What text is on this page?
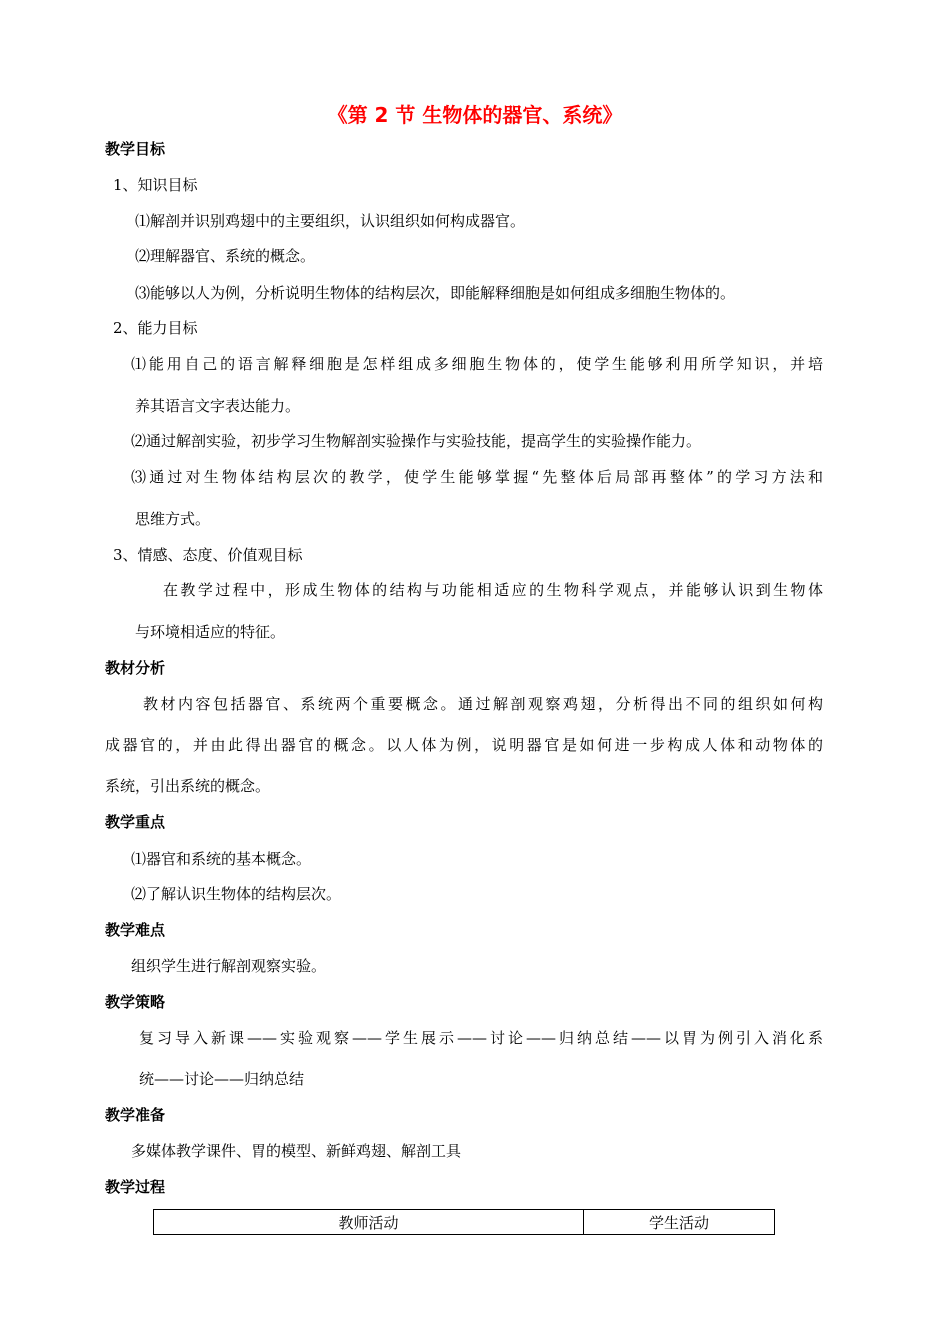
《第 2 节 生物体的器官、系统》
教学目标
1、知识目标
⑴解剖并识别鸡翅中的主要组织，认识组织如何构成器官。
⑵理解器官、系统的概念。
⑶能够以人为例，分析说明生物体的结构层次，即能解释细胞是如何组成多细胞生物体的。
2、能力目标
⑴能用自己的语言解释细胞是怎样组成多细胞生物体的，使学生能够利用所学知识，并培
养其语言文字表达能力。
⑵通过解剖实验，初步学习生物解剖实验操作与实验技能，提高学生的实验操作能力。
⑶通过对生物体结构层次的教学，使学生能够掌握“先整体后局部再整体”的学习方法和
思维方式。
3、情感、态度、价值观目标
在教学过程中，形成生物体的结构与功能相适应的生物科学观点，并能够认识到生物体
与环境相适应的特征。
教材分析
教材内容包括器官、系统两个重要概念。通过解剖观察鸡翅，分析得出不同的组织如何构
成器官的，并由此得出器官的概念。以人体为例，说明器官是如何进一步构成人体和动物体的
系统，引出系统的概念。
教学重点
⑴器官和系统的基本概念。
⑵了解认识生物体的结构层次。
教学难点
组织学生进行解剖观察实验。
教学策略
复习导入新课——实验观察——学生展示——讨论——归纳总结——以胃为例引入消化系
统——讨论——归纳总结
教学准备
多媒体教学课件、胃的模型、新鲜鸡翅、解剖工具
教学过程
教师活动	学生活动
